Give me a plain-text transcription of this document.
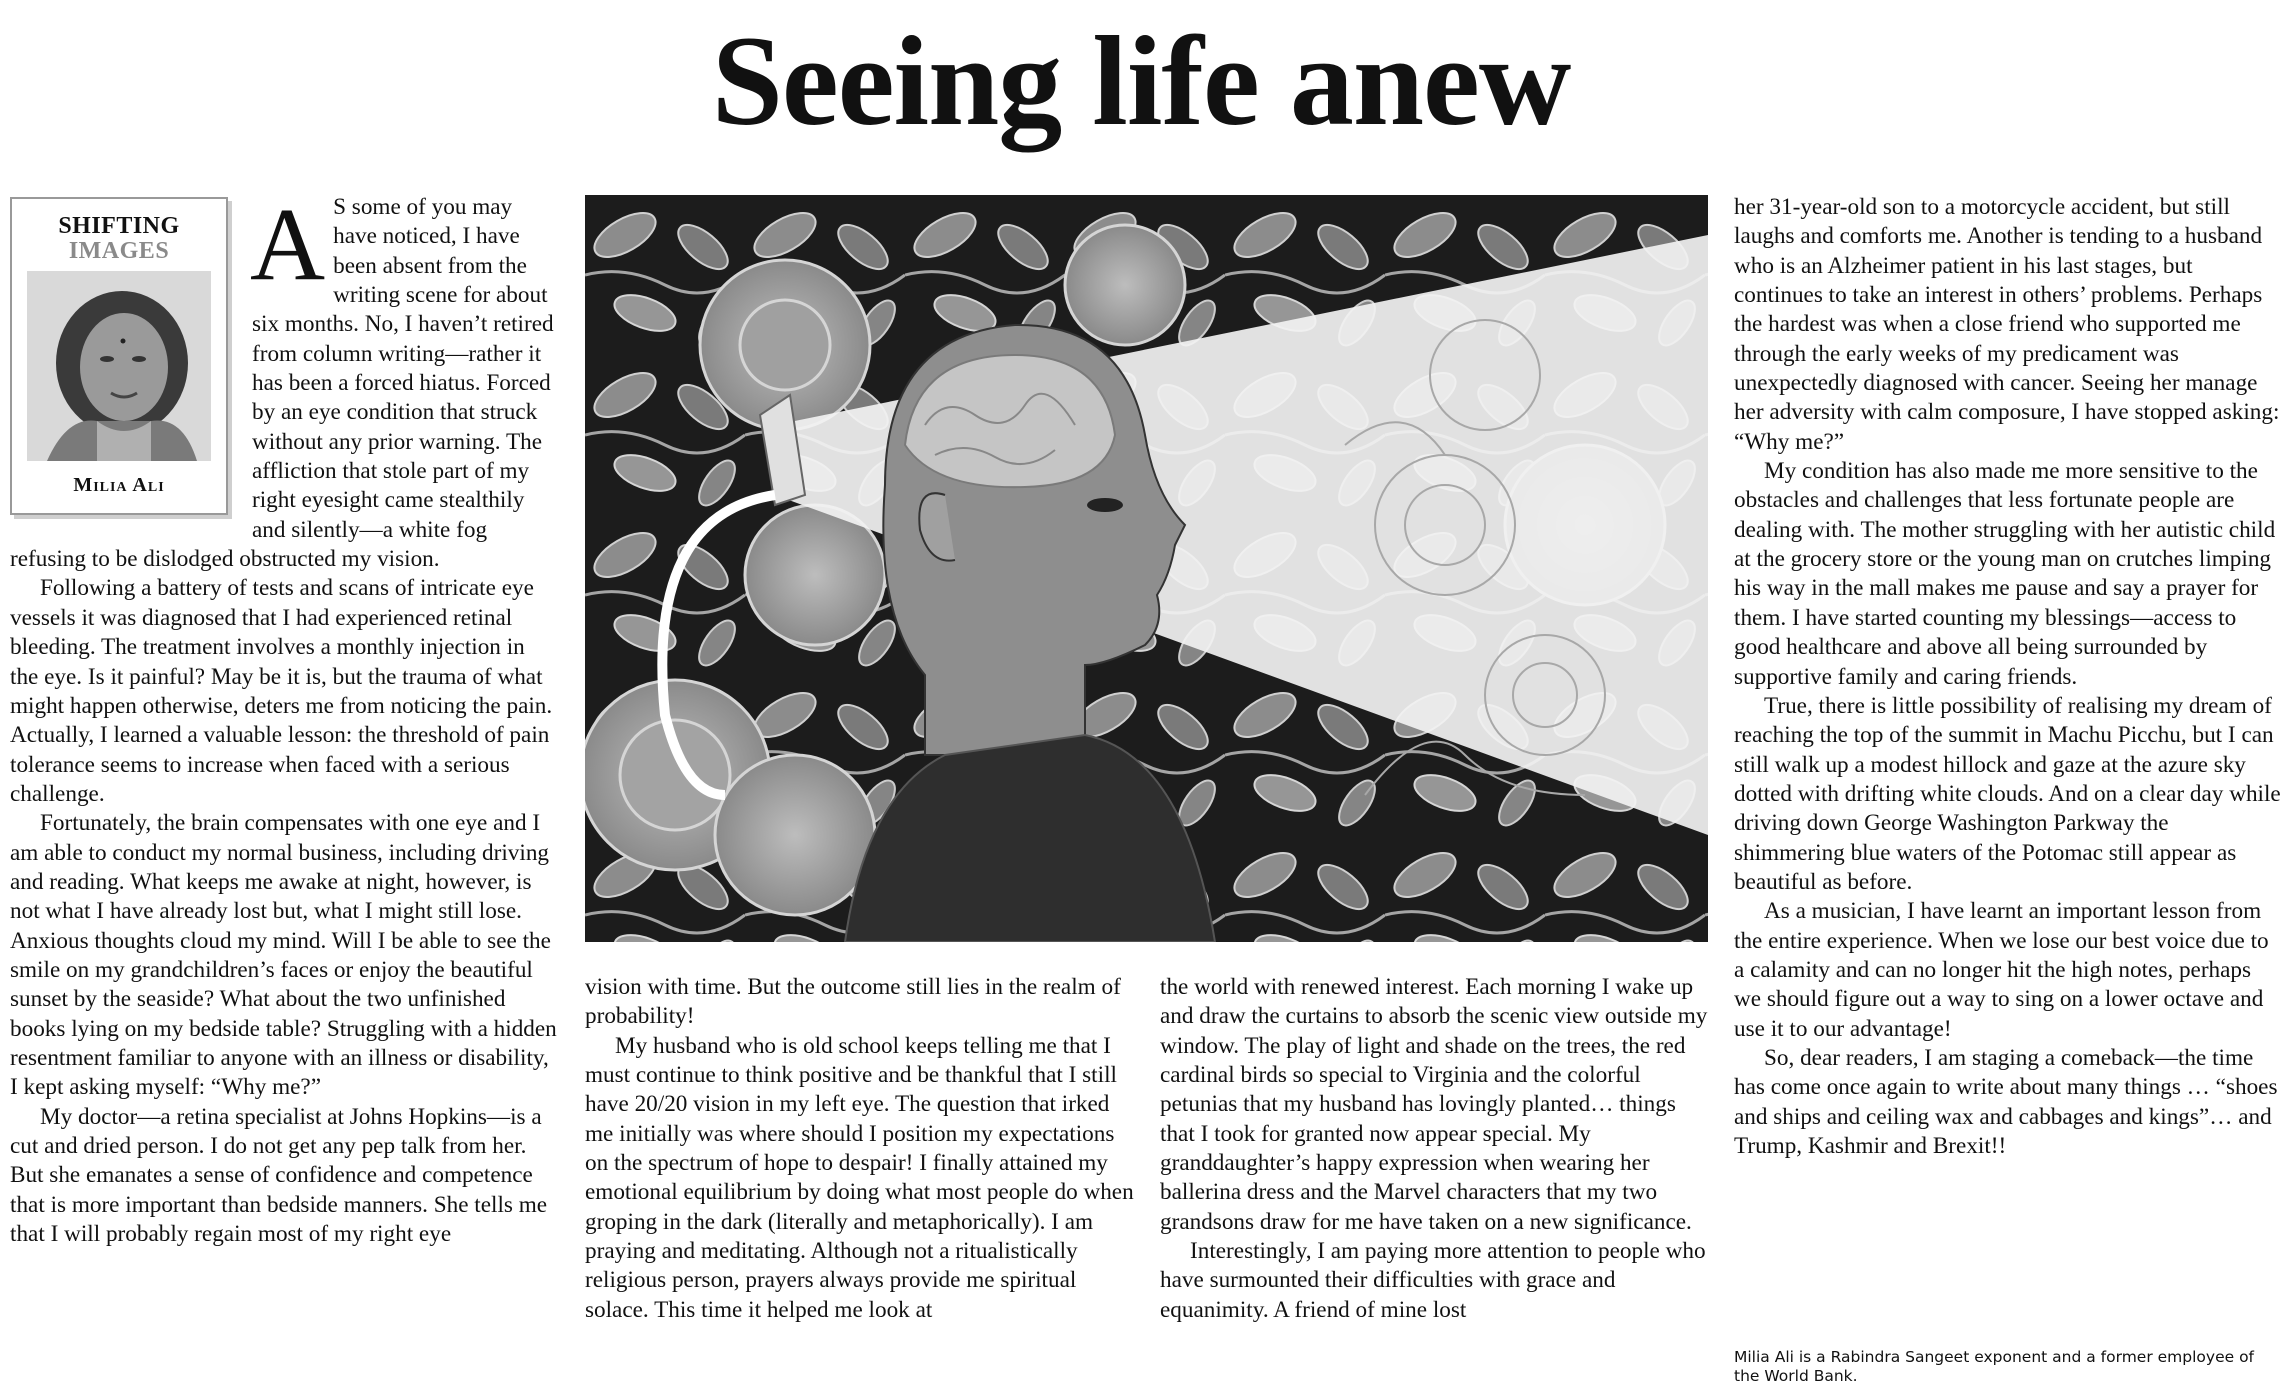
Seeing life anew
SHIFTING
IMAGES
Milia Ali
A S some of you may have noticed, I have been absent from the writing scene for about six months. No, I haven’t retired from column writing—rather it has been a forced hiatus. Forced by an eye condition that struck without any prior warning. The affliction that stole part of my right eyesight came stealthily and silently—a white fog refusing to be dislodged obstructed my vision.

Following a battery of tests and scans of intricate eye vessels it was diagnosed that I had experienced retinal bleeding. The treatment involves a monthly injection in the eye. Is it painful? May be it is, but the trauma of what might happen otherwise, deters me from noticing the pain. Actually, I learned a valuable lesson: the threshold of pain tolerance seems to increase when faced with a serious challenge.

Fortunately, the brain compensates with one eye and I am able to conduct my normal business, including driving and reading. What keeps me awake at night, however, is not what I have already lost but, what I might still lose. Anxious thoughts cloud my mind. Will I be able to see the smile on my grandchildren’s faces or enjoy the beautiful sunset by the seaside? What about the two unfinished books lying on my bedside table? Struggling with a hidden resentment familiar to anyone with an illness or disability, I kept asking myself: “Why me?”

My doctor—a retina specialist at Johns Hopkins—is a cut and dried person. I do not get any pep talk from her. But she emanates a sense of confidence and competence that is more important than bedside manners. She tells me that I will probably regain most of my right eye

vision with time. But the outcome still lies in the realm of probability!

My husband who is old school keeps telling me that I must continue to think positive and be thankful that I still have 20/20 vision in my left eye. The question that irked me initially was where should I position my expectations on the spectrum of hope to despair! I finally attained my emotional equilibrium by doing what most people do when groping in the dark (literally and metaphorically). I am praying and meditating. Although not a ritualistically religious person, prayers always provide me spiritual solace. This time it helped me look at

the world with renewed interest. Each morning I wake up and draw the curtains to absorb the scenic view outside my window. The play of light and shade on the trees, the red cardinal birds so special to Virginia and the colorful petunias that my husband has lovingly planted… things that I took for granted now appear special. My granddaughter’s happy expression when wearing her ballerina dress and the Marvel characters that my two grandsons draw for me have taken on a new significance.

Interestingly, I am paying more attention to people who have surmounted their difficulties with grace and equanimity. A friend of mine lost

her 31-year-old son to a motorcycle accident, but still laughs and comforts me. Another is tending to a husband who is an Alzheimer patient in his last stages, but continues to take an interest in others’ problems. Perhaps the hardest was when a close friend who supported me through the early weeks of my predicament was unexpectedly diagnosed with cancer. Seeing her manage her adversity with calm composure, I have stopped asking: “Why me?”

My condition has also made me more sensitive to the obstacles and challenges that less fortunate people are dealing with. The mother struggling with her autistic child at the grocery store or the young man on crutches limping his way in the mall makes me pause and say a prayer for them. I have started counting my blessings—access to good healthcare and above all being surrounded by supportive family and caring friends.

True, there is little possibility of realising my dream of reaching the top of the summit in Machu Picchu, but I can still walk up a modest hillock and gaze at the azure sky dotted with drifting white clouds. And on a clear day while driving down George Washington Parkway the shimmering blue waters of the Potomac still appear as beautiful as before.

As a musician, I have learnt an important lesson from the entire experience. When we lose our best voice due to a calamity and can no longer hit the high notes, perhaps we should figure out a way to sing on a lower octave and use it to our advantage!

So, dear readers, I am staging a comeback—the time has come once again to write about many things … “shoes and ships and ceiling wax and cabbages and kings”… and Trump, Kashmir and Brexit!!

Milia Ali is a Rabindra Sangeet exponent and a former employee of the World Bank.
